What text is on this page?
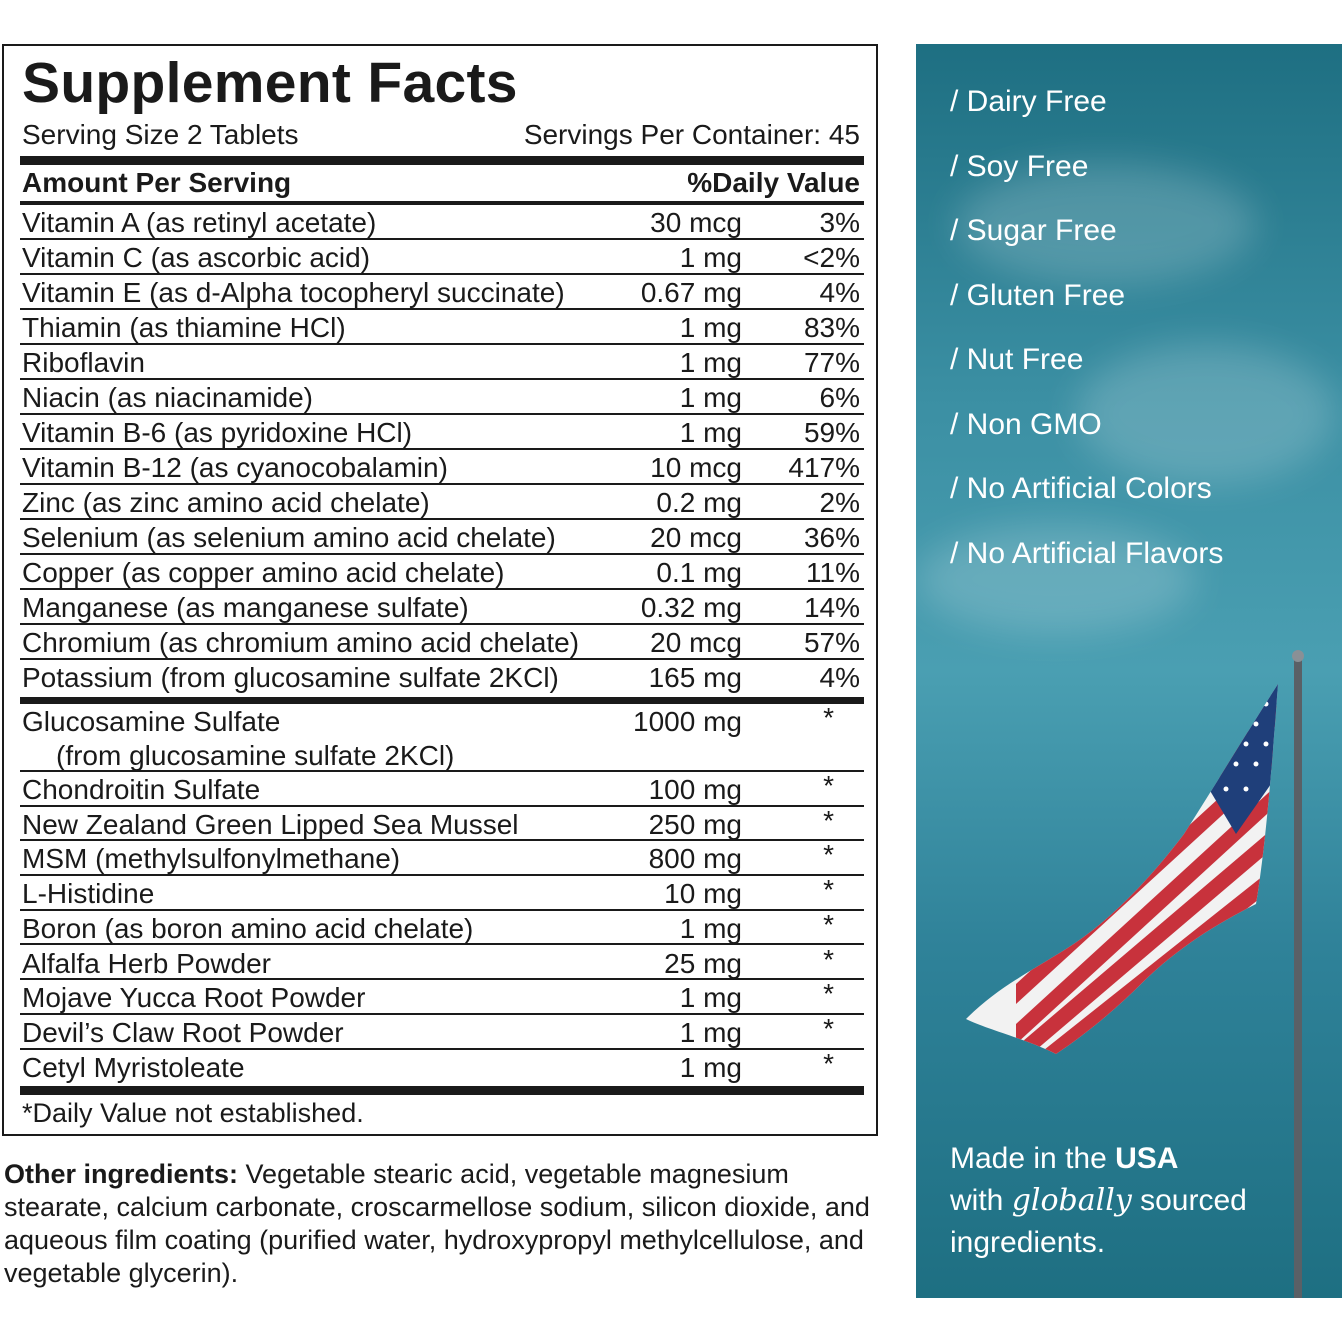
Supplement Facts
Serving Size 2 Tablets	Servings Per Container: 45
Amount Per Serving	%Daily Value
Vitamin A (as retinyl acetate)	30 mcg	3%
Vitamin C (as ascorbic acid)	1 mg <2%
Vitamin E (as d-Alpha tocopheryl succinate)	0.67 mg	4%
Thiamin (as thiamine HCl)	1 mg 83%
Riboflavin	1 mg 77%
Niacin (as niacinamide)	1 mg	6%
Vitamin B-6 (as pyridoxine HCl)	1 mg 59%
Vitamin B-12 (as cyanocobalamin)	10 mcg 417%
Zinc (as zinc amino acid chelate)	0.2 mg	2%
Selenium (as selenium amino acid chelate)	20 mcg 36%
Copper (as copper amino acid chelate)	0.1 mg 11%
Manganese (as manganese sulfate)	0.32 mg 14%
Chromium (as chromium amino acid chelate)	20 mcg 57%
Potassium (from glucosamine sulfate 2KCl)	165 mg	4%
Glucosamine Sulfate
(from glucosamine sulfate 2KCl)
1000 mg	*
Chondroitin Sulfate	100 mg	*
New Zealand Green Lipped Sea Mussel	250 mg	*
MSM (methylsulfonylmethane)	800 mg	*
L-Histidine	10 mg	*
Boron (as boron amino acid chelate)	1 mg	*
Alfalfa Herb Powder	25 mg	*
Mojave Yucca Root Powder	1 mg	*
Devil’s Claw Root Powder	1 mg	*
Cetyl Myristoleate	1 mg	*
*Daily Value not established.
Other ingredients: Vegetable stearic acid, vegetable magnesium stearate, calcium carbonate, croscarmellose sodium, silicon dioxide, and aqueous film coating (purified water, hydroxypropyl methylcellulose, and vegetable glycerin).
/ Dairy Free
/ Soy Free
/ Sugar Free
/ Gluten Free
/ Nut Free
/ Non GMO
/ No Artificial Colors
/ No Artificial Flavors
Made in the USA
with globally sourced
ingredients.
